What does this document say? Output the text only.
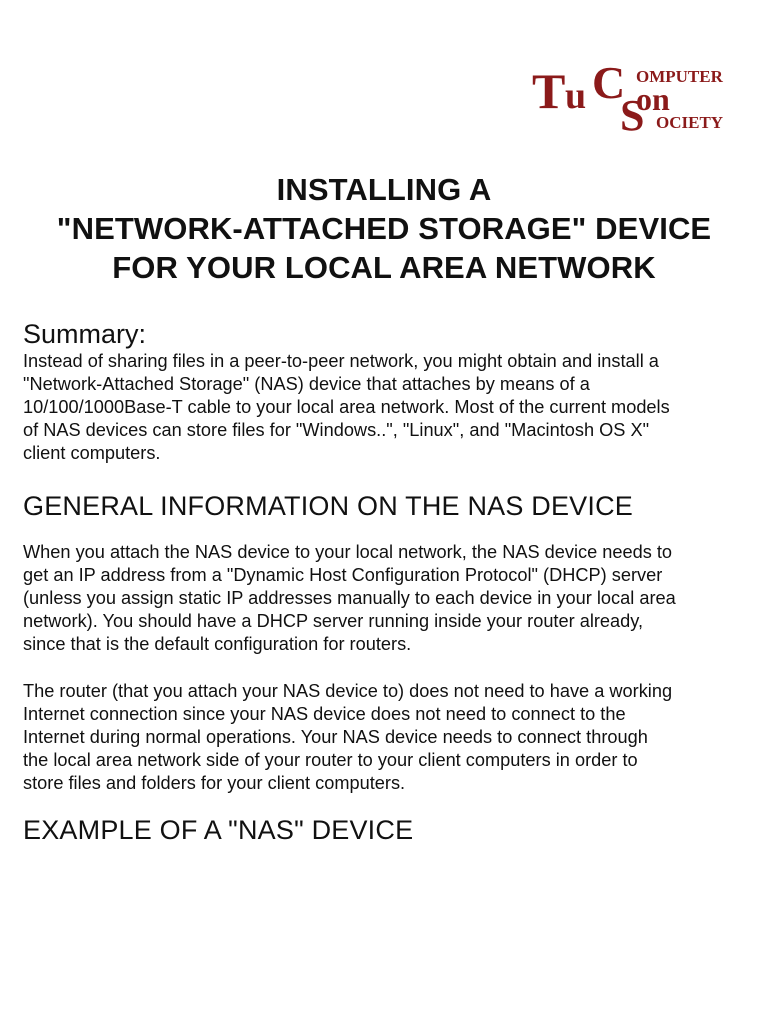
T u C on
S
OMPUTER
OCIETY
INSTALLING A
"NETWORK-ATTACHED STORAGE" DEVICE
FOR YOUR LOCAL AREA NETWORK
Summary:

Instead of sharing files in a peer-to-peer network, you might obtain and install a
"Network-Attached Storage" (NAS) device that attaches by means of a
10/100/1000Base-T cable to your local area network. Most of the current models
of NAS devices can store files for "Windows..", "Linux", and "Macintosh OS X"
client computers.

GENERAL INFORMATION ON THE NAS DEVICE

When you attach the NAS device to your local network, the NAS device needs to
get an IP address from a "Dynamic Host Configuration Protocol" (DHCP) server
(unless you assign static IP addresses manually to each device in your local area
network). You should have a DHCP server running inside your router already,
since that is the default configuration for routers.

The router (that you attach your NAS device to) does not need to have a working
Internet connection since your NAS device does not need to connect to the
Internet during normal operations. Your NAS device needs to connect through
the local area network side of your router to your client computers in order to
store files and folders for your client computers.

EXAMPLE OF A "NAS" DEVICE
